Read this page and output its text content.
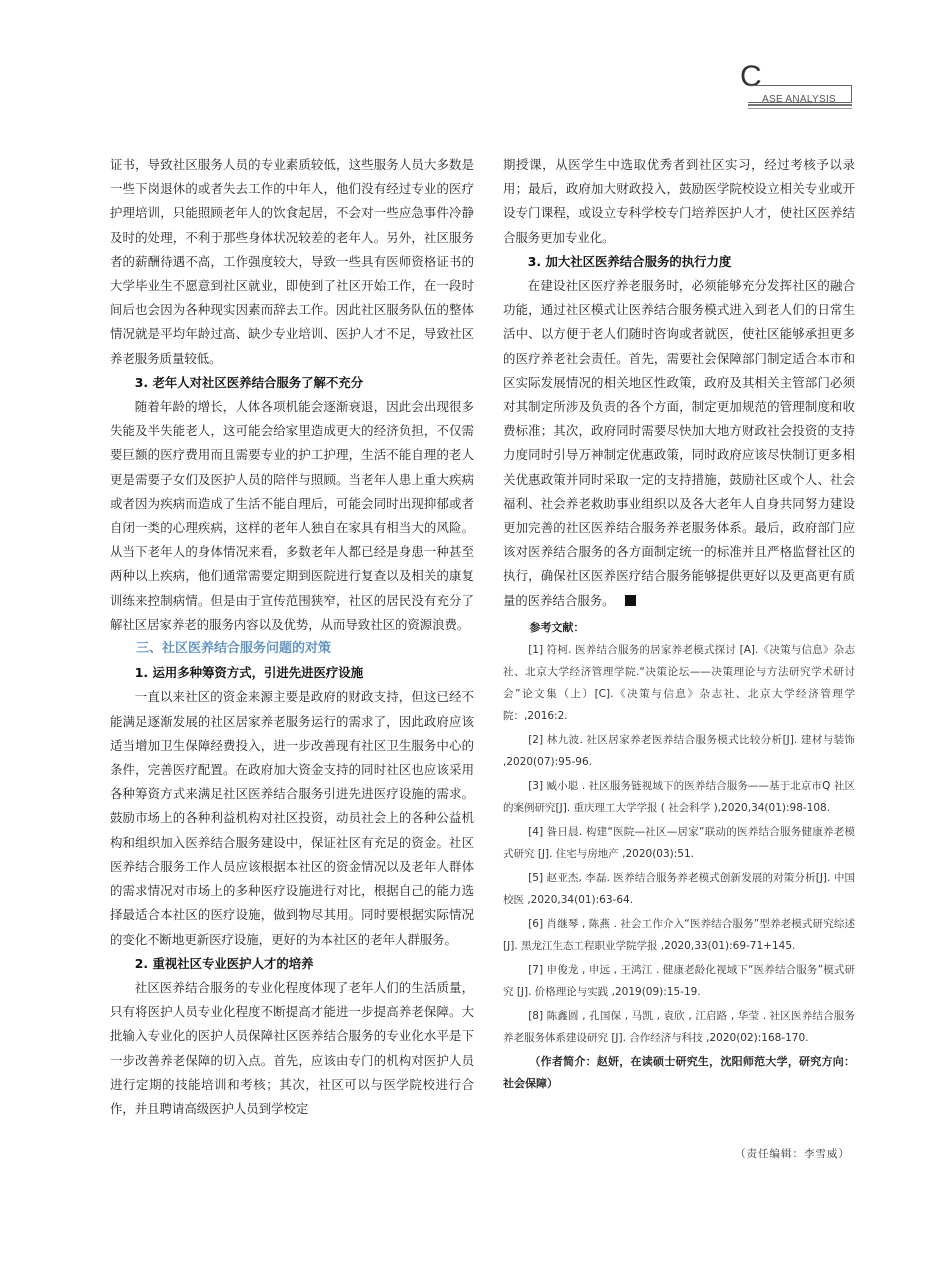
C
ASE ANALYSIS

证书，导致社区服务人员的专业素质较低，这些服务人员大多数是一些下岗退休的或者失去工作的中年人，他们没有经过专业的医疗护理培训，只能照顾老年人的饮食起居，不会对一些应急事件冷静及时的处理，不利于那些身体状况较差的老年人。另外，社区服务者的薪酬待遇不高，工作强度较大，导致一些具有医师资格证书的大学毕业生不愿意到社区就业，即使到了社区开始工作，在一段时间后也会因为各种现实因素而辞去工作。因此社区服务队伍的整体情况就是平均年龄过高、缺少专业培训、医护人才不足，导致社区养老服务质量较低。

3. 老年人对社区医养结合服务了解不充分

随着年龄的增长，人体各项机能会逐渐衰退，因此会出现很多失能及半失能老人，这可能会给家里造成更大的经济负担，不仅需要巨额的医疗费用而且需要专业的护工护理，生活不能自理的老人更是需要子女们及医护人员的陪伴与照顾。当老年人患上重大疾病或者因为疾病而造成了生活不能自理后，可能会同时出现抑郁或者自闭一类的心理疾病，这样的老年人独自在家具有相当大的风险。从当下老年人的身体情况来看，多数老年人都已经是身患一种甚至两种以上疾病，他们通常需要定期到医院进行复查以及相关的康复训练来控制病情。但是由于宣传范围狭窄，社区的居民没有充分了解社区居家养老的服务内容以及优势，从而导致社区的资源浪费。

三、社区医养结合服务问题的对策

1. 运用多种筹资方式，引进先进医疗设施

一直以来社区的资金来源主要是政府的财政支持，但这已经不能满足逐渐发展的社区居家养老服务运行的需求了，因此政府应该适当增加卫生保障经费投入，进一步改善现有社区卫生服务中心的条件，完善医疗配置。在政府加大资金支持的同时社区也应该采用各种筹资方式来满足社区医养结合服务引进先进医疗设施的需求。鼓励市场上的各种利益机构对社区投资，动员社会上的各种公益机构和组织加入医养结合服务建设中，保证社区有充足的资金。社区医养结合服务工作人员应该根据本社区的资金情况以及老年人群体的需求情况对市场上的多种医疗设施进行对比，根据自己的能力选择最适合本社区的医疗设施，做到物尽其用。同时要根据实际情况的变化不断地更新医疗设施，更好的为本社区的老年人群服务。

2. 重视社区专业医护人才的培养

社区医养结合服务的专业化程度体现了老年人们的生活质量，只有将医护人员专业化程度不断提高才能进一步提高养老保障。大批输入专业化的医护人员保障社区医养结合服务的专业化水平是下一步改善养老保障的切入点。首先，应该由专门的机构对医护人员进行定期的技能培训和考核；其次，社区可以与医学院校进行合作，并且聘请高级医护人员到学校定

期授课，从医学生中选取优秀者到社区实习，经过考核予以录用；最后，政府加大财政投入，鼓励医学院校设立相关专业或开设专门课程，或设立专科学校专门培养医护人才，使社区医养结合服务更加专业化。

3. 加大社区医养结合服务的执行力度

在建设社区医疗养老服务时，必须能够充分发挥社区的融合功能，通过社区模式让医养结合服务模式进入到老人们的日常生活中、以方便于老人们随时咨询或者就医，使社区能够承担更多的医疗养老社会责任。首先，需要社会保障部门制定适合本市和区实际发展情况的相关地区性政策，政府及其相关主管部门必须对其制定所涉及负责的各个方面，制定更加规范的管理制度和收费标准；其次，政府同时需要尽快加大地方财政社会投资的支持力度同时引导万神制定优惠政策，同时政府应该尽快制订更多相关优惠政策并同时采取一定的支持措施，鼓励社区或个人、社会福利、社会养老救助事业组织以及各大老年人自身共同努力建设更加完善的社区医养结合服务养老服务体系。最后，政府部门应该对医养结合服务的各方面制定统一的标准并且严格监督社区的执行，确保社区医养医疗结合服务能够提供更好以及更高更有质量的医养结合服务。

参考文献：

[1] 符柯. 医养结合服务的居家养老模式探讨 [A].《决策与信息》杂志社、北京大学经济管理学院.“决策论坛——决策理论与方法研究学术研讨会”论文集（上）[C].《决策与信息》杂志社、北京大学经济管理学院：,2016:2.

[2] 林九波. 社区居家养老医养结合服务模式比较分析[J]. 建材与装饰 ,2020(07):95-96.

[3] 臧小聪 . 社区服务链视域下的医养结合服务——基于北京市Q 社区的案例研究[J]. 重庆理工大学学报 ( 社会科学 ),2020,34(01):98-108.

[4] 昝日晨. 构建“医院—社区—居家”联动的医养结合服务健康养老模式研究 [J]. 住宅与房地产 ,2020(03):51.

[5] 赵亚杰, 李磊. 医养结合服务养老模式创新发展的对策分析[J]. 中国校医 ,2020,34(01):63-64.

[6] 肖继琴 , 陈燕 . 社会工作介入“医养结合服务”型养老模式研究综述 [J]. 黑龙江生态工程职业学院学报 ,2020,33(01):69-71+145.

[7] 申俊龙 , 申远 , 王鸿江 . 健康老龄化视域下“医养结合服务”模式研究 [J]. 价格理论与实践 ,2019(09):15-19.

[8] 陈鑫圆 , 孔国保 , 马凯 , 袁欣 , 江启路 , 华莹 . 社区医养结合服务养老服务体系建设研究 [J]. 合作经济与科技 ,2020(02):168-170.

（作者简介：赵妍，在读硕士研究生，沈阳师范大学，研究方向：社会保障）

（责任编辑：李雪威）
